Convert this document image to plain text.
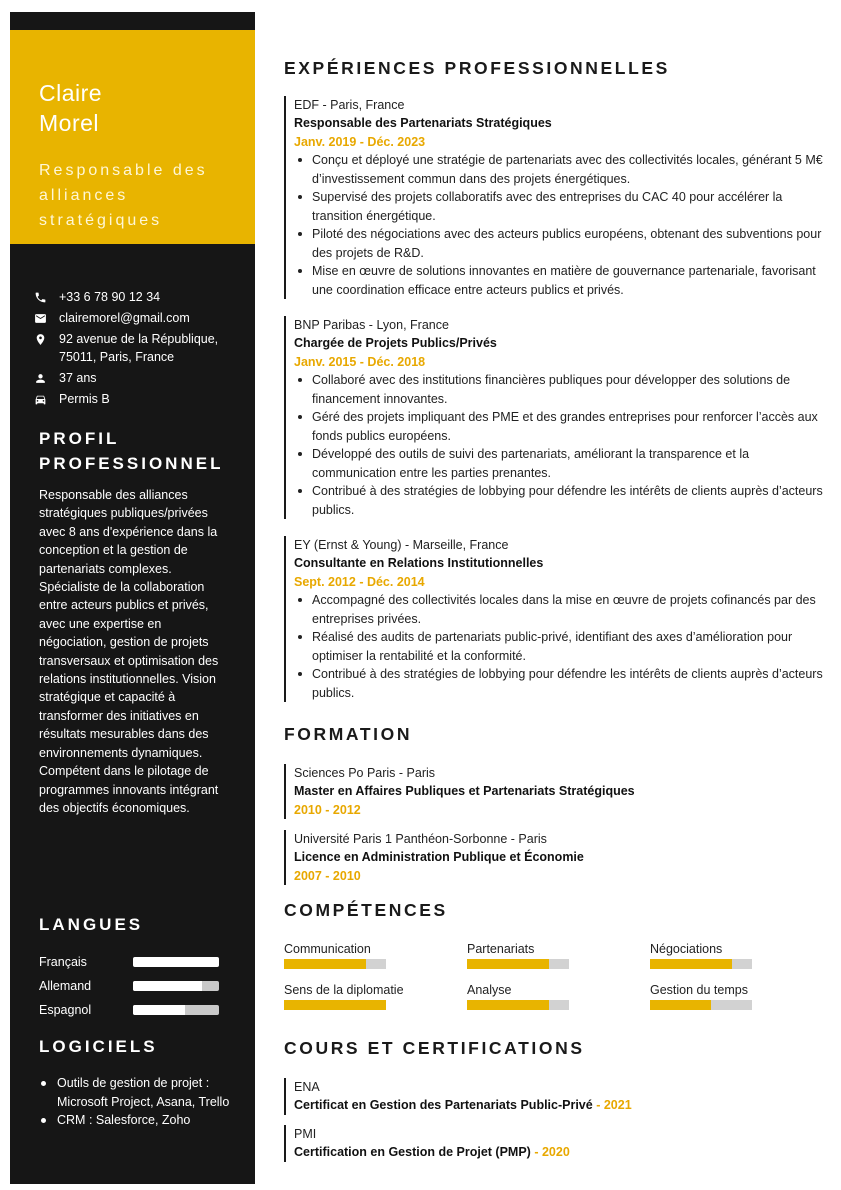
Claire
Morel
Responsable des
alliances
stratégiques
+33 6 78 90 12 34
clairemorel@gmail.com
92 avenue de la République,
75011, Paris, France
37 ans
Permis B
PROFIL
PROFESSIONNEL
Responsable des alliances stratégiques publiques/privées avec 8 ans d'expérience dans la conception et la gestion de partenariats complexes. Spécialiste de la collaboration entre acteurs publics et privés, avec une expertise en négociation, gestion de projets transversaux et optimisation des relations institutionnelles. Vision stratégique et capacité à transformer des initiatives en résultats mesurables dans des environnements dynamiques. Compétent dans le pilotage de programmes innovants intégrant des objectifs économiques.
LANGUES
Français
Allemand
Espagnol
LOGICIELS
Outils de gestion de projet : Microsoft Project, Asana, Trello
CRM : Salesforce, Zoho
EXPÉRIENCES PROFESSIONNELLES
EDF - Paris, France
Responsable des Partenariats Stratégiques
Janv. 2019 - Déc. 2023
Conçu et déployé une stratégie de partenariats avec des collectivités locales, générant 5 M€ d’investissement commun dans des projets énergétiques.
Supervisé des projets collaboratifs avec des entreprises du CAC 40 pour accélérer la transition énergétique.
Piloté des négociations avec des acteurs publics européens, obtenant des subventions pour des projets de R&D.
Mise en œuvre de solutions innovantes en matière de gouvernance partenariale, favorisant une coordination efficace entre acteurs publics et privés.
BNP Paribas - Lyon, France
Chargée de Projets Publics/Privés
Janv. 2015 - Déc. 2018
Collaboré avec des institutions financières publiques pour développer des solutions de financement innovantes.
Géré des projets impliquant des PME et des grandes entreprises pour renforcer l’accès aux fonds publics européens.
Développé des outils de suivi des partenariats, améliorant la transparence et la communication entre les parties prenantes.
Contribué à des stratégies de lobbying pour défendre les intérêts de clients auprès d’acteurs publics.
EY (Ernst & Young) - Marseille, France
Consultante en Relations Institutionnelles
Sept. 2012 - Déc. 2014
Accompagné des collectivités locales dans la mise en œuvre de projets cofinancés par des entreprises privées.
Réalisé des audits de partenariats public-privé, identifiant des axes d’amélioration pour optimiser la rentabilité et la conformité.
Contribué à des stratégies de lobbying pour défendre les intérêts de clients auprès d’acteurs publics.
FORMATION
Sciences Po Paris - Paris
Master en Affaires Publiques et Partenariats Stratégiques
2010 - 2012
Université Paris 1 Panthéon-Sorbonne - Paris
Licence en Administration Publique et Économie
2007 - 2010
COMPÉTENCES
Communication	Partenariats	Négociations
Sens de la diplomatie	Analyse	Gestion du temps
COURS ET CERTIFICATIONS
ENA
Certificat en Gestion des Partenariats Public-Privé - 2021
PMI
Certification en Gestion de Projet (PMP) - 2020
